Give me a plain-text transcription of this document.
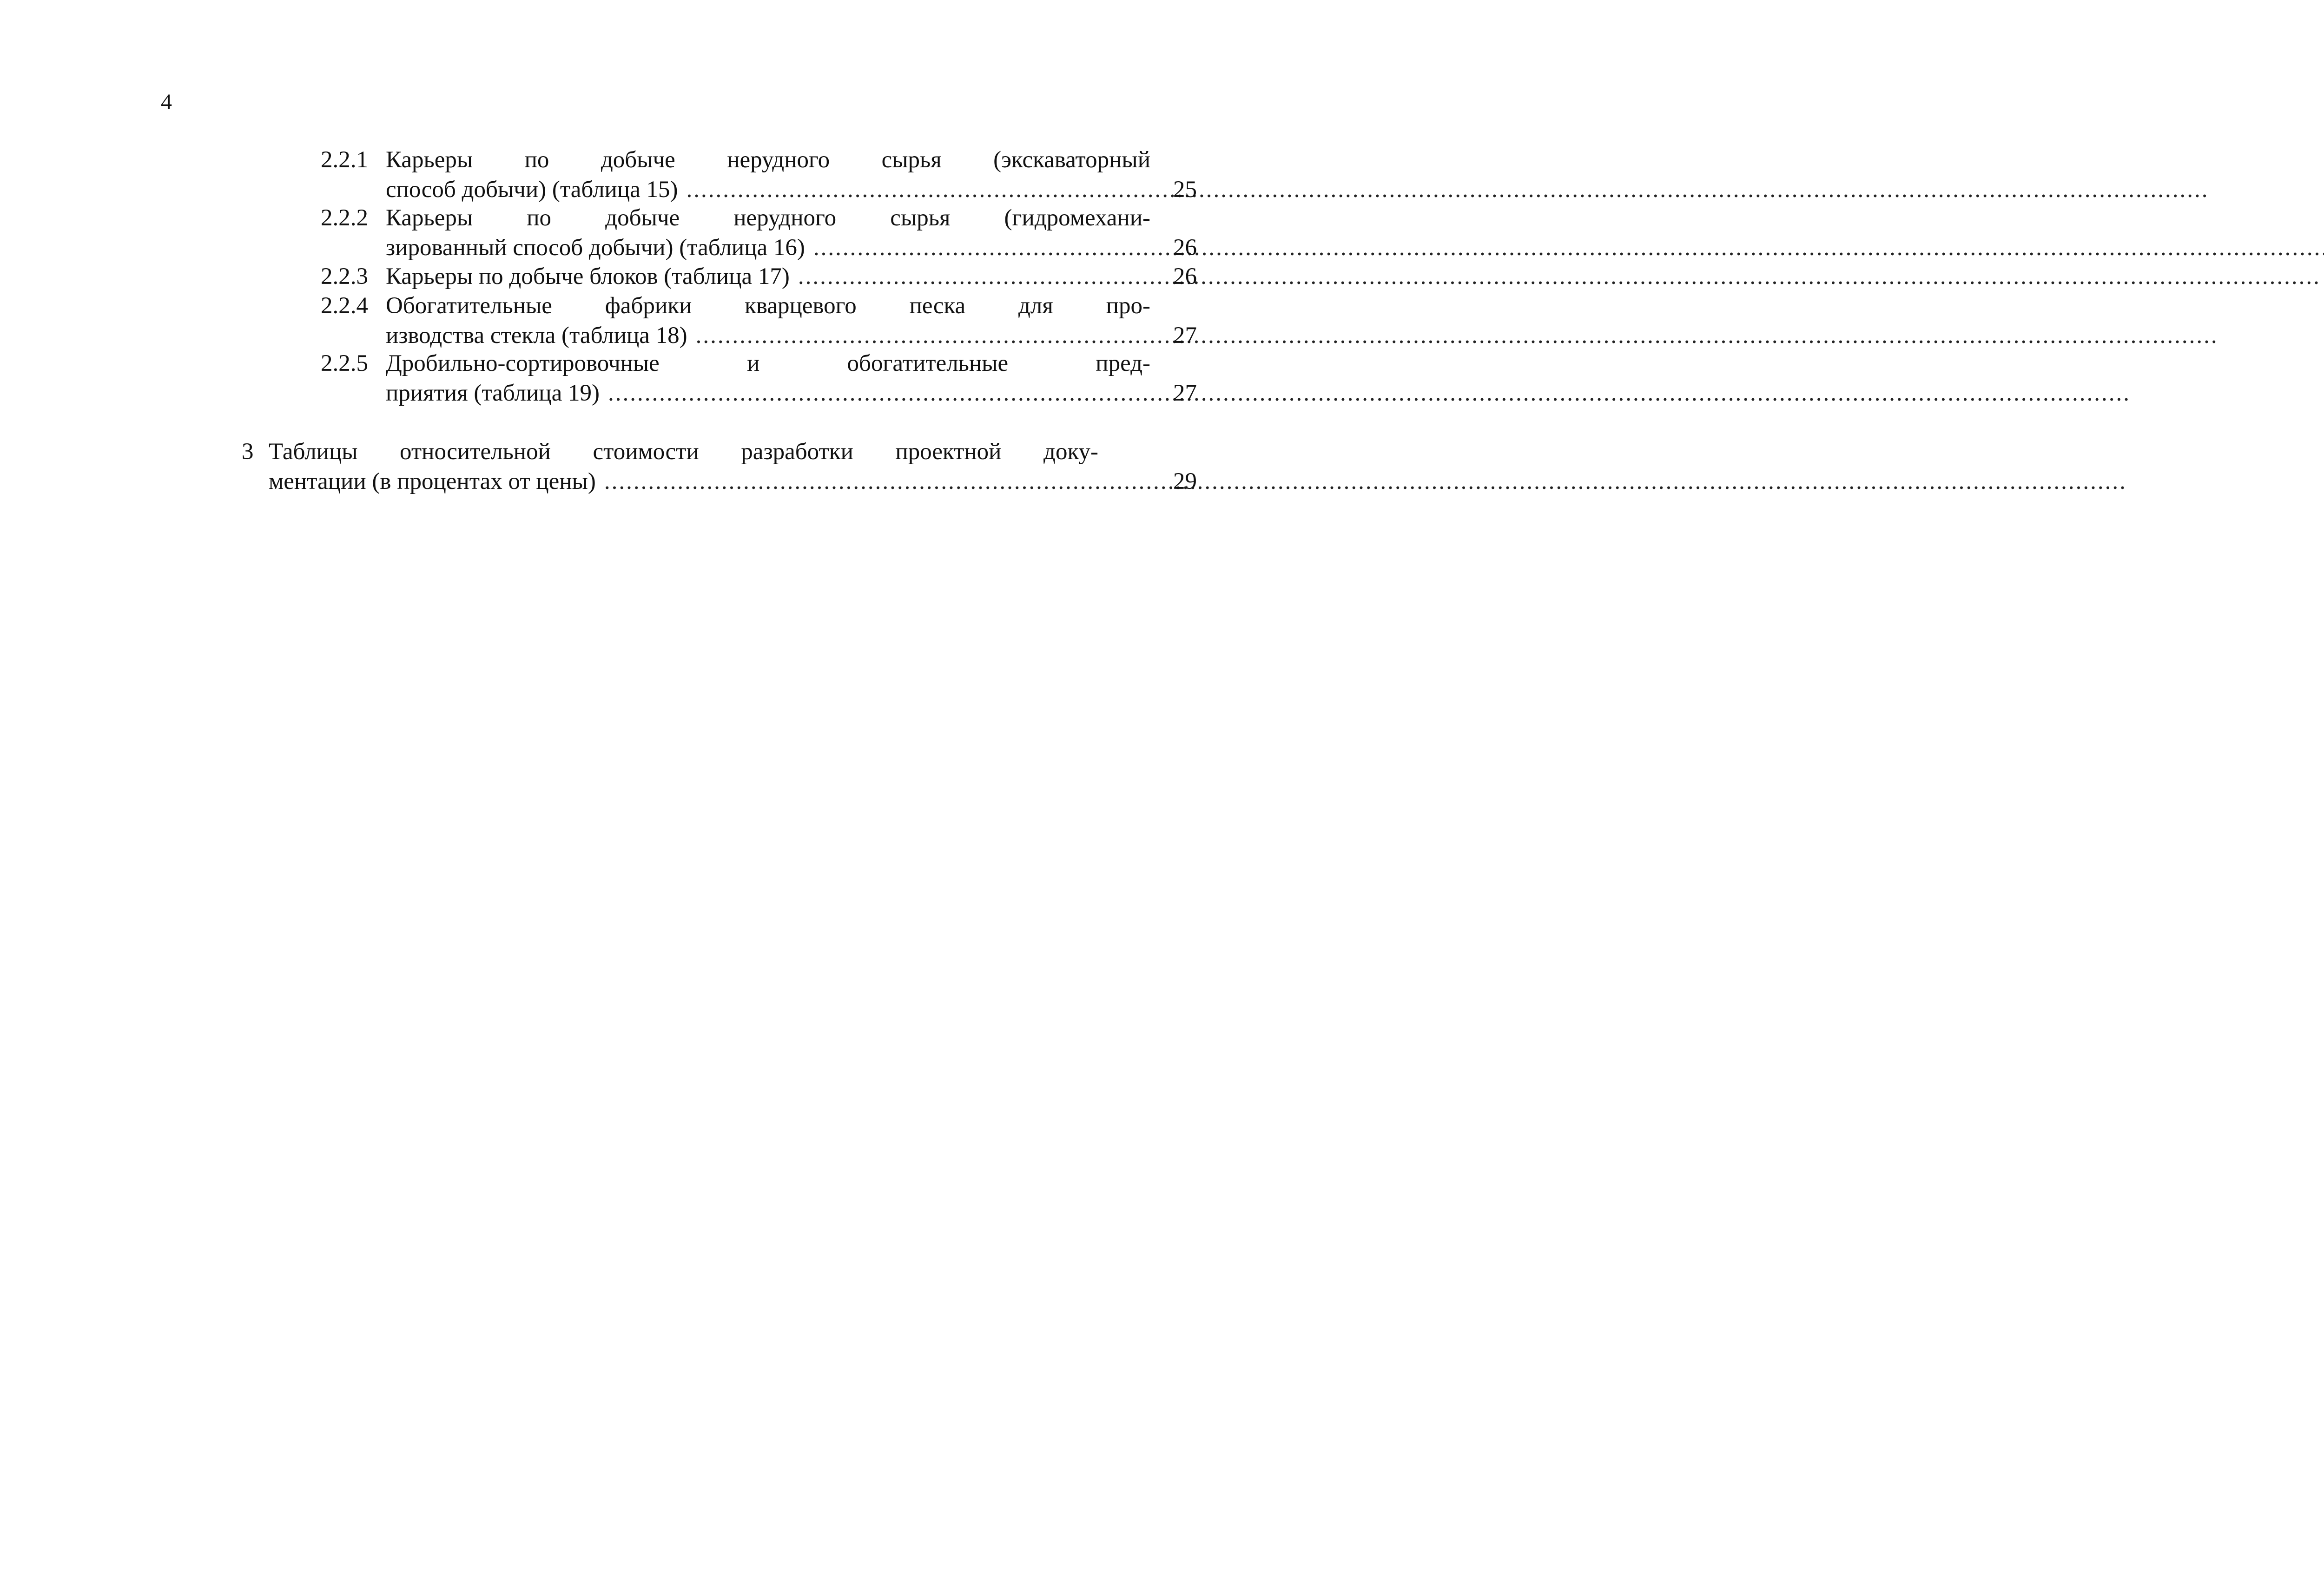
4
2.2.1 Карьеры по добыче нерудного сырья (экскаваторный
способ добычи) (таблица 15) .....	25
2.2.2 Карьеры по добыче нерудного сырья (гидромехани-
зированный способ добычи) (таблица 16) .....	26
2.2.3 Карьеры по добыче блоков (таблица 17) .....	26
2.2.4 Обогатительные фабрики кварцевого песка для про-
изводства стекла (таблица 18) .....	27
2.2.5 Дробильно-сортировочные и обогатительные пред-
приятия (таблица 19) .....	27
3 Таблицы относительной стоимости разработки проектной доку-
ментации (в процентах от цены) .....	29
